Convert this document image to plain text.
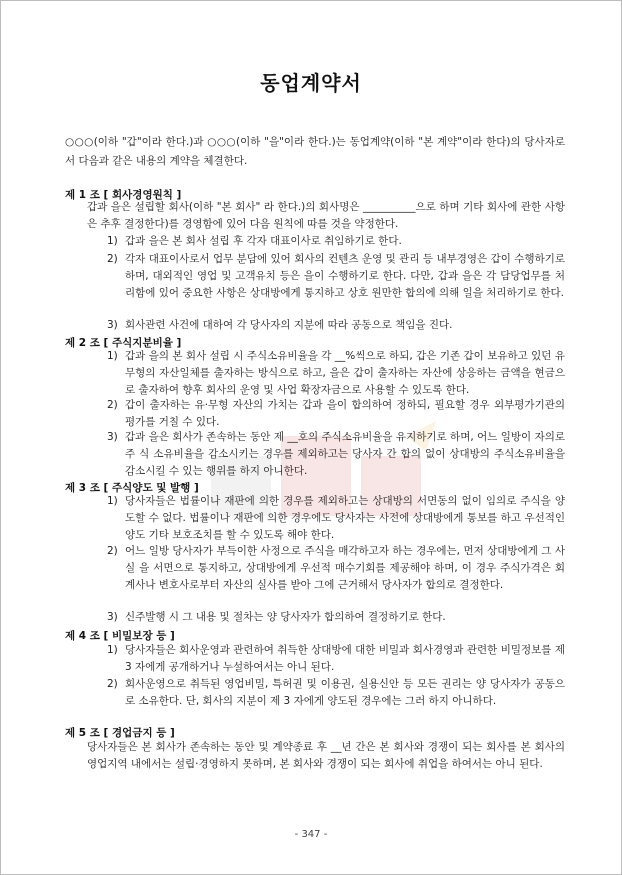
동업계약서
○○○(이하 "갑"이라 한다.)과 ○○○(이하 "을"이라 한다.)는 동업계약(이하 "본 계약"이라 한다)의 당사자로서 다음과 같은 내용의 계약을 체결한다.
제 1 조 [ 회사경영원칙 ]
갑과 을은 설립할 회사(이하 "본 회사" 라 한다.)의 회사명은 __________으로 하며 기타 회사에 관한 사항은 추후 결정한다)를 경영함에 있어 다음 원칙에 따를 것을 약정한다.
1) 갑과 을은 본 회사 설립 후 각자 대표이사로 취임하기로 한다.
2) 각자 대표이사로서 업무 분담에 있어 회사의 컨텐츠 운영 및 관리 등 내부경영은 갑이 수행하기로 하며, 대외적인 영업 및 고객유치 등은 을이 수행하기로 한다. 다만, 갑과 을은 각 담당업무를 처리함에 있어 중요한 사항은 상대방에게 통지하고 상호 원만한 합의에 의해 일을 처리하기로 한다.
3) 회사관련 사건에 대하여 각 당사자의 지분에 따라 공동으로 책임을 진다.
제 2 조 [ 주식지분비율 ]
1) 갑과 을의 본 회사 설립 시 주식소유비율을 각 __%씩으로 하되, 갑은 기존 갑이 보유하고 있던 유 무형의 자산일체를 출자하는 방식으로 하고, 을은 갑이 출자하는 자산에 상응하는 금액을 현금으로 출자하여 향후 회사의 운영 및 사업 확장자금으로 사용할 수 있도록 한다.
2) 갑이 출자하는 유·무형 자산의 가치는 갑과 을이 합의하여 정하되, 필요할 경우 외부평가기관의 평가를 거칠 수 있다.
3) 갑과 을은 회사가 존속하는 동안 제 __호의 주식소유비율을 유지하기로 하며, 어느 일방이 자의로 주 식 소유비율을 감소시키는 경우를 제외하고는 당사자 간 합의 없이 상대방의 주식소유비율을 감소시킬 수 있는 행위를 하지 아니한다.
제 3 조 [ 주식양도 및 발행 ]
1) 당사자들은 법률이나 재판에 의한 경우를 제외하고는 상대방의 서면동의 없이 임의로 주식을 양도할 수 없다. 법률이나 재판에 의한 경우에도 당사자는 사전에 상대방에게 통보를 하고 우선적인 양도 기타 보호조치를 할 수 있도록 해야 한다.
2) 어느 일방 당사자가 부득이한 사정으로 주식을 매각하고자 하는 경우에는, 먼저 상대방에게 그 사실 을 서면으로 통지하고, 상대방에게 우선적 매수기회를 제공해야 하며, 이 경우 주식가격은 회계사나 변호사로부터 자산의 실사를 받아 그에 근거해서 당사자가 합의로 결정한다.
3) 신주발행 시 그 내용 및 절차는 양 당사자가 합의하여 결정하기로 한다.
제 4 조 [ 비밀보장 등 ]
1) 당사자들은 회사운영과 관련하여 취득한 상대방에 대한 비밀과 회사경영과 관련한 비밀정보를 제 3 자에게 공개하거나 누설하여서는 아니 된다.
2) 회사운영으로 취득된 영업비밀, 특허권 및 이용권, 실용신안 등 모든 권리는 양 당사자가 공동으로 소유한다. 단, 회사의 지분이 제 3 자에게 양도된 경우에는 그러 하지 아니하다.
제 5 조 [ 경업금지 등 ]
당사자들은 본 회사가 존속하는 동안 및 계약종료 후 __년 간은 본 회사와 경쟁이 되는 회사를 본 회사의 영업지역 내에서는 설립·경영하지 못하며, 본 회사와 경쟁이 되는 회사에 취업을 하여서는 아니 된다.
- 347 -
